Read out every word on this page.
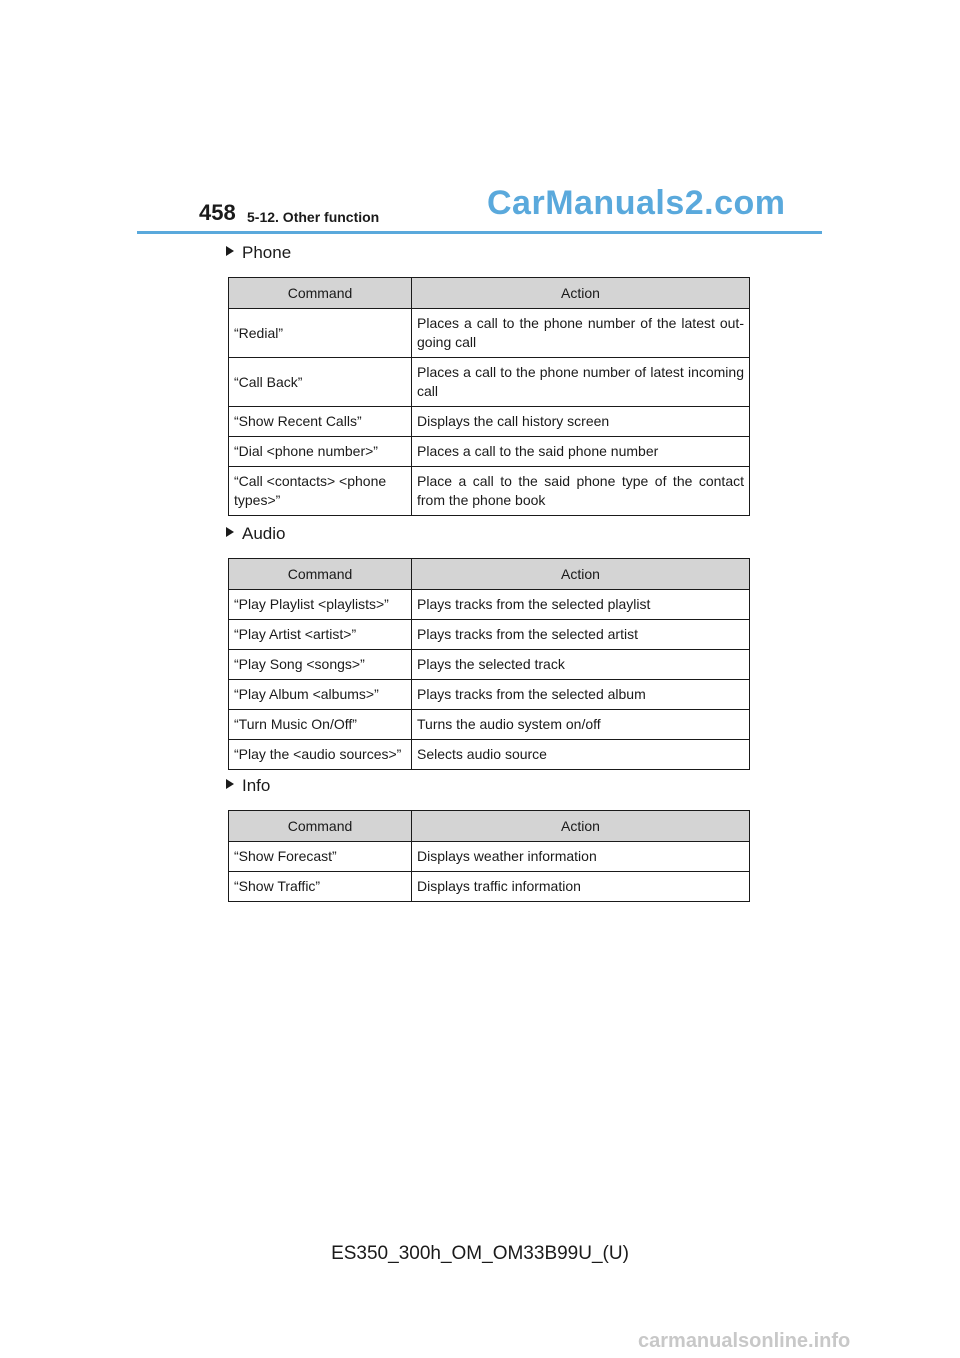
458 5-12. Other function	CarManuals2.com
Phone
Command	Action
“Redial”	Places a call to the phone number of the latest out-going call
“Call Back”	Places a call to the phone number of latest incoming call
“Show Recent Calls”	Displays the call history screen
“Dial <phone number>”	Places a call to the said phone number
“Call <contacts> <phone types>”	Place a call to the said phone type of the contact from the phone book
Audio
Command	Action
“Play Playlist <playlists>”	Plays tracks from the selected playlist
“Play Artist <artist>”	Plays tracks from the selected artist
“Play Song <songs>”	Plays the selected track
“Play Album <albums>”	Plays tracks from the selected album
“Turn Music On/Off”	Turns the audio system on/off
“Play the <audio sources>”	Selects audio source
Info
Command	Action
“Show Forecast”	Displays weather information
“Show Traffic”	Displays traffic information
ES350_300h_OM_OM33B99U_(U)
carmanualsonline.info
